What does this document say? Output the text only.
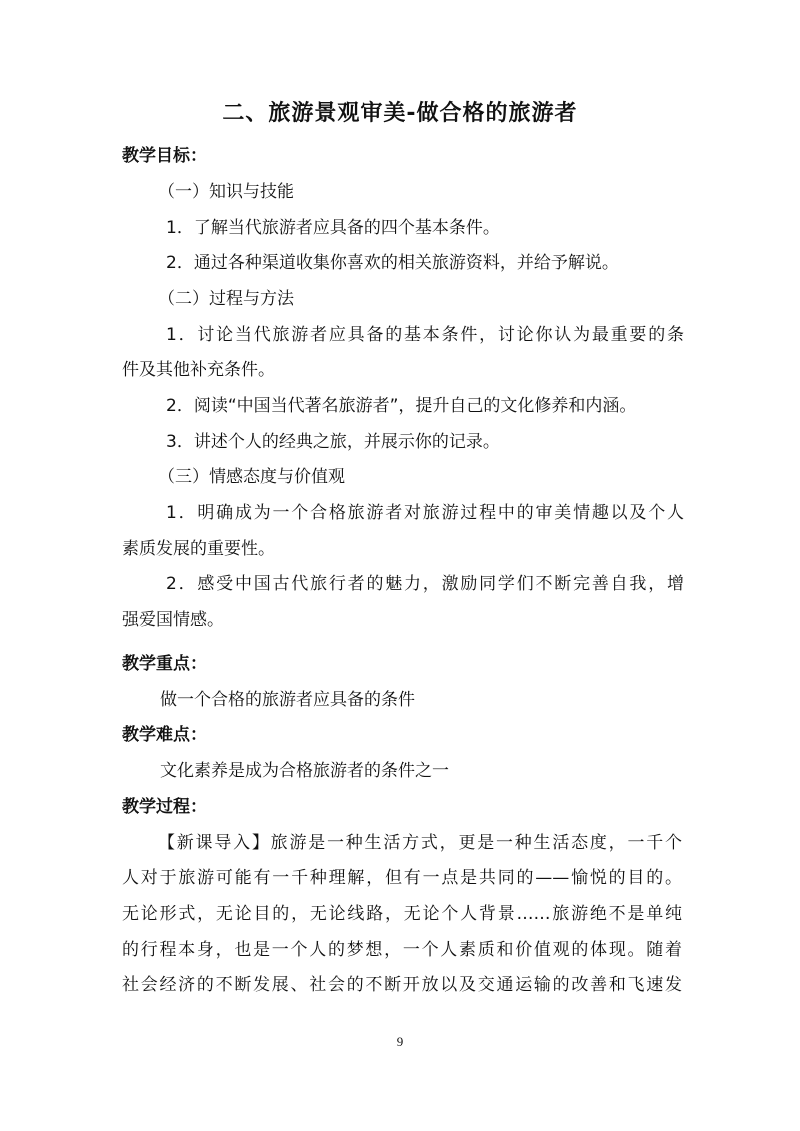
二、旅游景观审美-做合格的旅游者
教学目标：
（一）知识与技能
1．了解当代旅游者应具备的四个基本条件。
2．通过各种渠道收集你喜欢的相关旅游资料，并给予解说。
（二）过程与方法
1．讨论当代旅游者应具备的基本条件，讨论你认为最重要的条
件及其他补充条件。
2．阅读“中国当代著名旅游者”，提升自己的文化修养和内涵。
3．讲述个人的经典之旅，并展示你的记录。
（三）情感态度与价值观
1．明确成为一个合格旅游者对旅游过程中的审美情趣以及个人
素质发展的重要性。
2．感受中国古代旅行者的魅力，激励同学们不断完善自我，增
强爱国情感。
教学重点：
做一个合格的旅游者应具备的条件
教学难点：
文化素养是成为合格旅游者的条件之一
教学过程：
【新课导入】旅游是一种生活方式，更是一种生活态度，一千个
人对于旅游可能有一千种理解，但有一点是共同的——愉悦的目的。
无论形式，无论目的，无论线路，无论个人背景……旅游绝不是单纯
的行程本身，也是一个人的梦想，一个人素质和价值观的体现。随着
社会经济的不断发展、社会的不断开放以及交通运输的改善和飞速发
9
